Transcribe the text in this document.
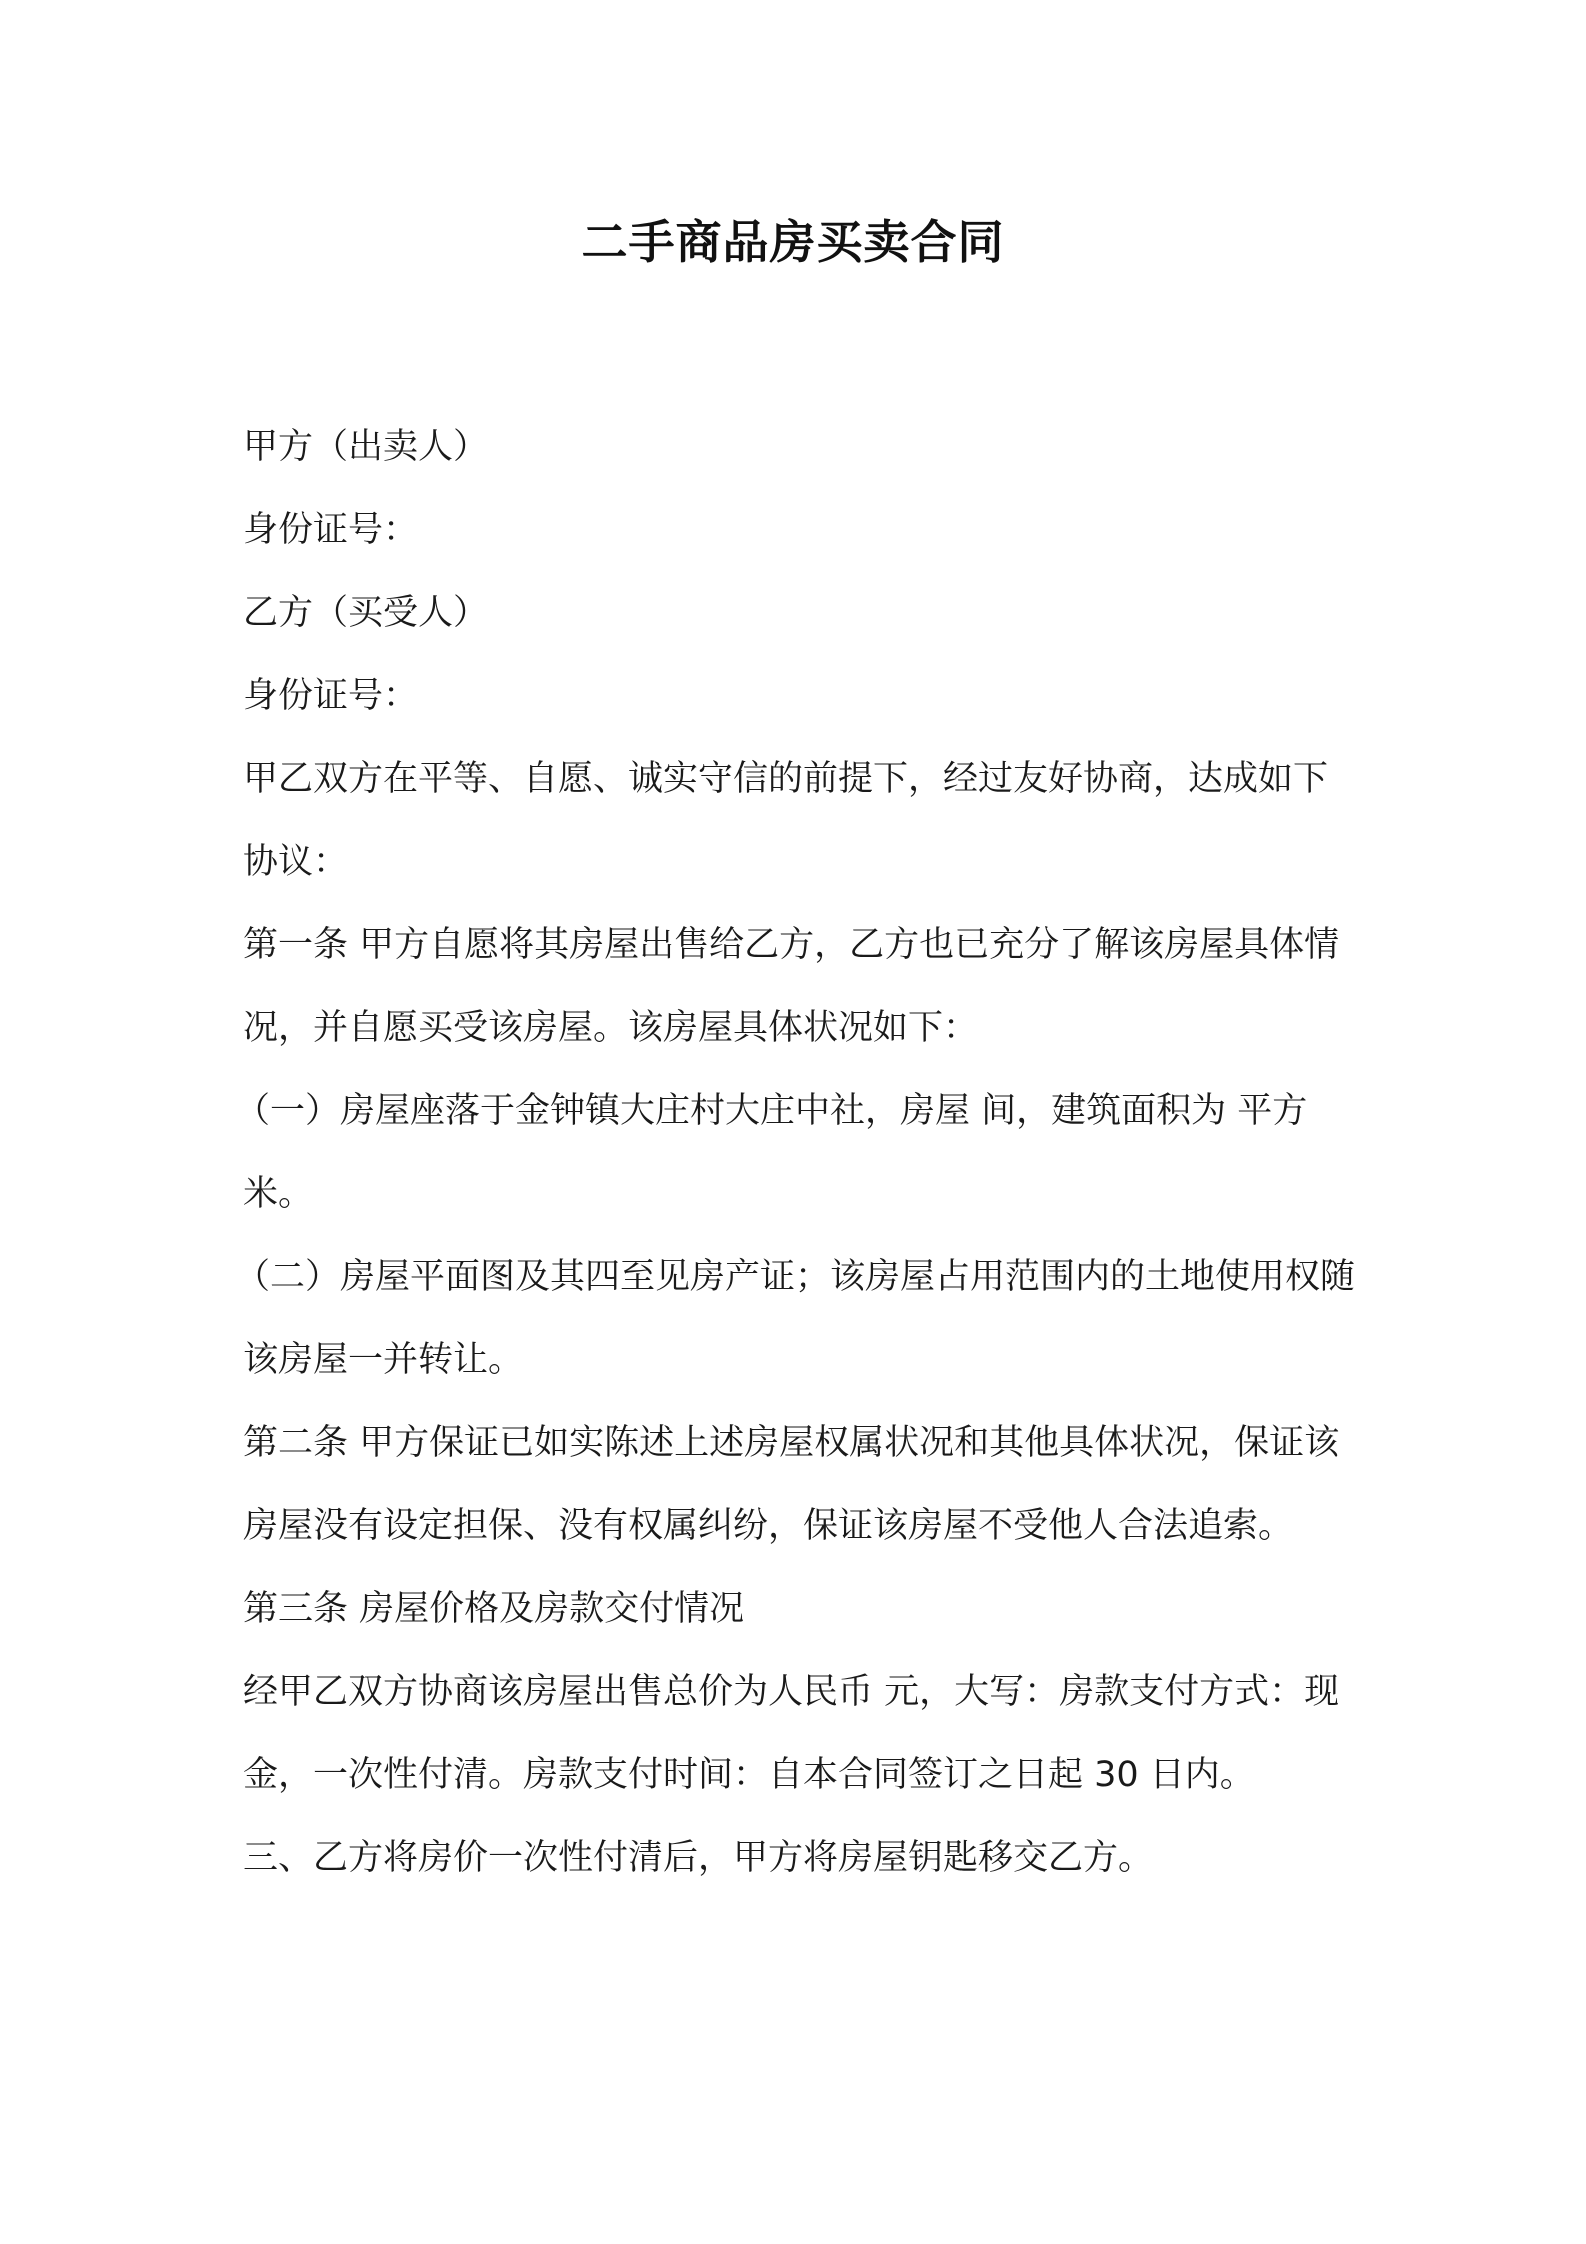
二手商品房买卖合同

甲方（出卖人）

身份证号：

乙方（买受人）

身份证号：

甲乙双方在平等、自愿、诚实守信的前提下，经过友好协商，达成如下协议：

第一条 甲方自愿将其房屋出售给乙方，乙方也已充分了解该房屋具体情况，并自愿买受该房屋。该房屋具体状况如下：

（一）房屋座落于金钟镇大庄村大庄中社，房屋 间，建筑面积为 平方米。

（二）房屋平面图及其四至见房产证；该房屋占用范围内的土地使用权随该房屋一并转让。

第二条 甲方保证已如实陈述上述房屋权属状况和其他具体状况，保证该房屋没有设定担保、没有权属纠纷，保证该房屋不受他人合法追索。

第三条 房屋价格及房款交付情况

经甲乙双方协商该房屋出售总价为人民币 元，大写：房款支付方式：现金，一次性付清。房款支付时间：自本合同签订之日起 30 日内。

三、乙方将房价一次性付清后，甲方将房屋钥匙移交乙方。
